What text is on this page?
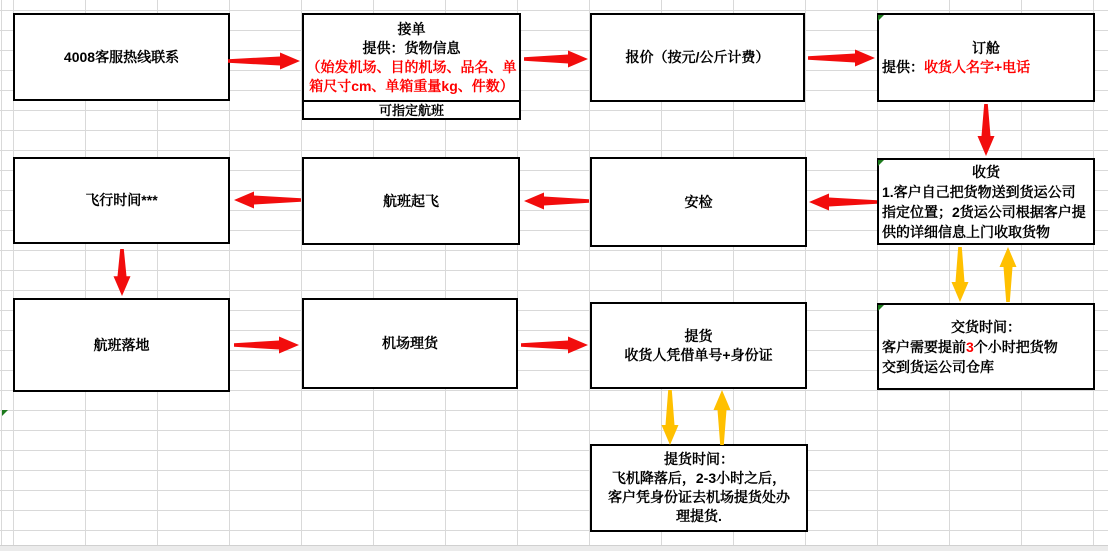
4008客服热线联系
接单
提供：货物信息
（始发机场、目的机场、品名、单
箱尺寸cm、单箱重量kg、件数）
可指定航班
报价（按元/公斤计费）
订舱
提供：收货人名字+电话
收货
1.客户自己把货物送到货运公司
指定位置；2货运公司根据客户提
供的详细信息上门收取货物
安检
航班起飞
飞行时间***
交货时间：
客户需要提前3个小时把货物
交到货运公司仓库
航班落地	机场理货	提货
收货人凭借单号+身份证
提货时间：
飞机降落后，2-3小时之后，
客户凭身份证去机场提货处办
理提货.
